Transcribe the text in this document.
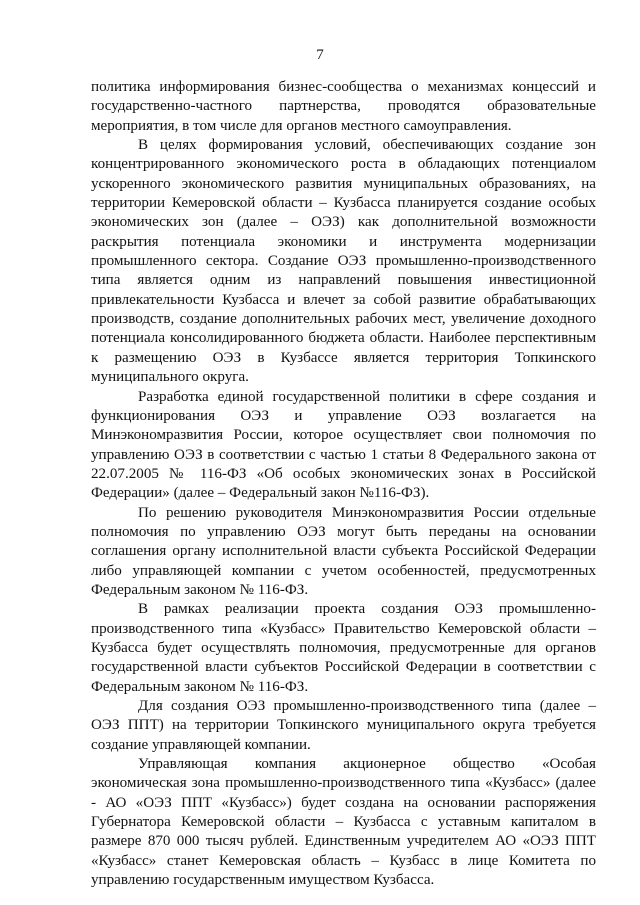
7

политика информирования бизнес-сообщества о механизмах концессий и государственно-частного партнерства, проводятся образовательные мероприятия, в том числе для органов местного самоуправления.

В целях формирования условий, обеспечивающих создание зон концентрированного экономического роста в обладающих потенциалом ускоренного экономического развития муниципальных образованиях, на территории Кемеровской области – Кузбасса планируется создание особых экономических зон (далее – ОЭЗ) как дополнительной возможности раскрытия потенциала экономики и инструмента модернизации промышленного сектора. Создание ОЭЗ промышленно-производственного типа является одним из направлений повышения инвестиционной привлекательности Кузбасса и влечет за собой развитие обрабатывающих производств, создание дополнительных рабочих мест, увеличение доходного потенциала консолидированного бюджета области. Наиболее перспективным к размещению ОЭЗ в Кузбассе является территория Топкинского муниципального округа.

Разработка единой государственной политики в сфере создания и функционирования ОЭЗ и управление ОЭЗ возлагается на Минэкономразвития России, которое осуществляет свои полномочия по управлению ОЭЗ в соответствии с частью 1 статьи 8 Федерального закона от 22.07.2005 № 116-ФЗ «Об особых экономических зонах в Российской Федерации» (далее – Федеральный закон №116-ФЗ).

По решению руководителя Минэкономразвития России отдельные полномочия по управлению ОЭЗ могут быть переданы на основании соглашения органу исполнительной власти субъекта Российской Федерации либо управляющей компании с учетом особенностей, предусмотренных Федеральным законом № 116-ФЗ.

В рамках реализации проекта создания ОЭЗ промышленно-производственного типа «Кузбасс» Правительство Кемеровской области – Кузбасса будет осуществлять полномочия, предусмотренные для органов государственной власти субъектов Российской Федерации в соответствии с Федеральным законом № 116-ФЗ.

Для создания ОЭЗ промышленно-производственного типа (далее – ОЭЗ ППТ) на территории Топкинского муниципального округа требуется создание управляющей компании.

Управляющая компания акционерное общество «Особая экономическая зона промышленно-производственного типа «Кузбасс» (далее - АО «ОЭЗ ППТ «Кузбасс») будет создана на основании распоряжения Губернатора Кемеровской области – Кузбасса с уставным капиталом в размере 870 000 тысяч рублей. Единственным учредителем АО «ОЭЗ ППТ «Кузбасс» станет Кемеровская область – Кузбасс в лице Комитета по управлению государственным имуществом Кузбасса.
